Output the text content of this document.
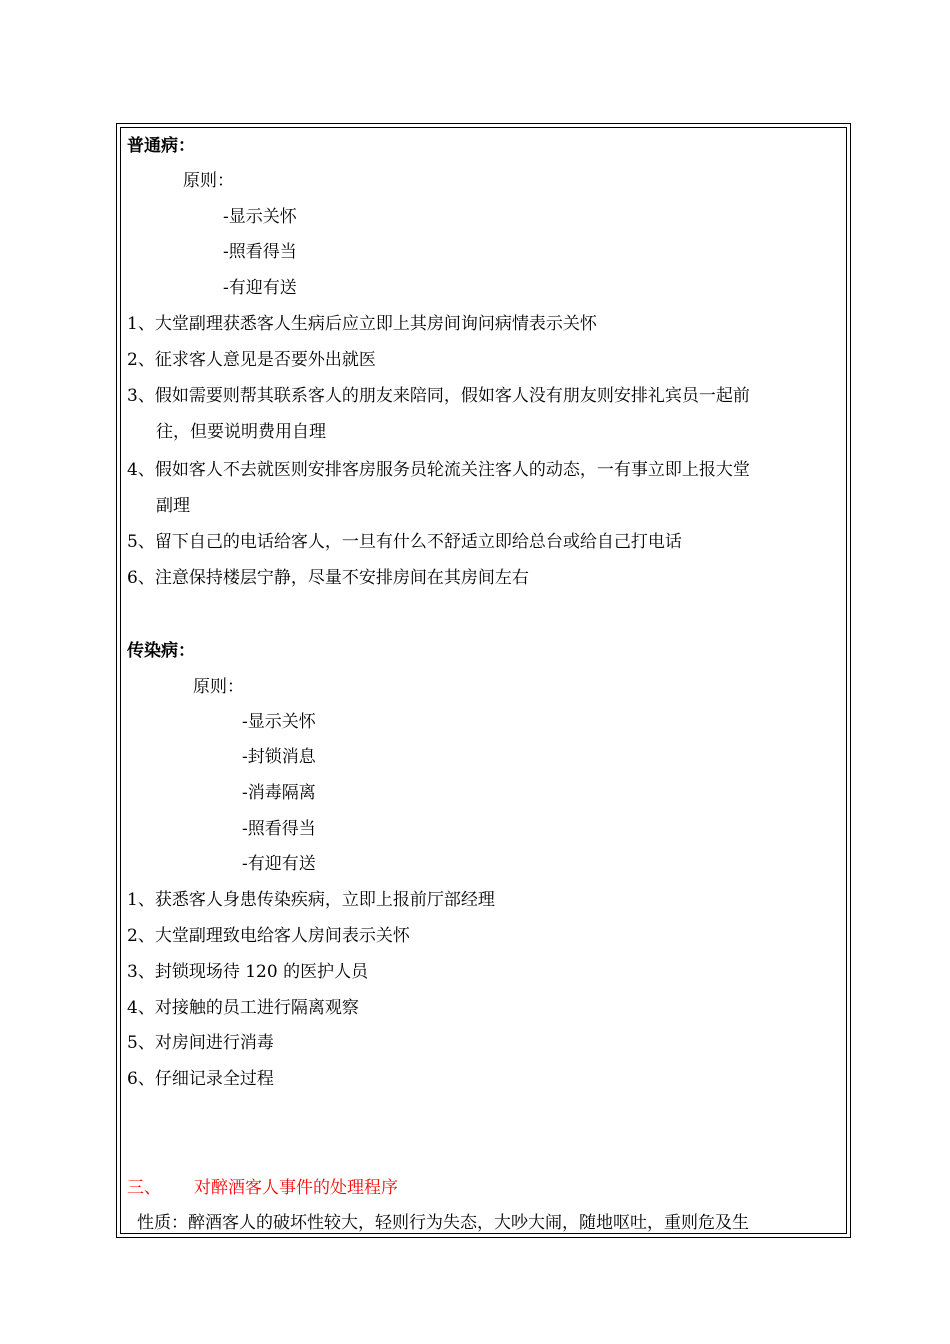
普通病：
原则：
-显示关怀
-照看得当
-有迎有送
1、大堂副理获悉客人生病后应立即上其房间询问病情表示关怀
2、征求客人意见是否要外出就医
3、假如需要则帮其联系客人的朋友来陪同，假如客人没有朋友则安排礼宾员一起前
往，但要说明费用自理
4、假如客人不去就医则安排客房服务员轮流关注客人的动态，一有事立即上报大堂
副理
5、留下自己的电话给客人，一旦有什么不舒适立即给总台或给自己打电话
6、注意保持楼层宁静，尽量不安排房间在其房间左右
传染病：
原则：
-显示关怀
-封锁消息
-消毒隔离
-照看得当
-有迎有送
1、获悉客人身患传染疾病，立即上报前厅部经理
2、大堂副理致电给客人房间表示关怀
3、封锁现场待 120 的医护人员
4、对接触的员工进行隔离观察
5、对房间进行消毒
6、仔细记录全过程
三、 对醉酒客人事件的处理程序
性质：醉酒客人的破坏性较大，轻则行为失态，大吵大闹，随地呕吐，重则危及生
